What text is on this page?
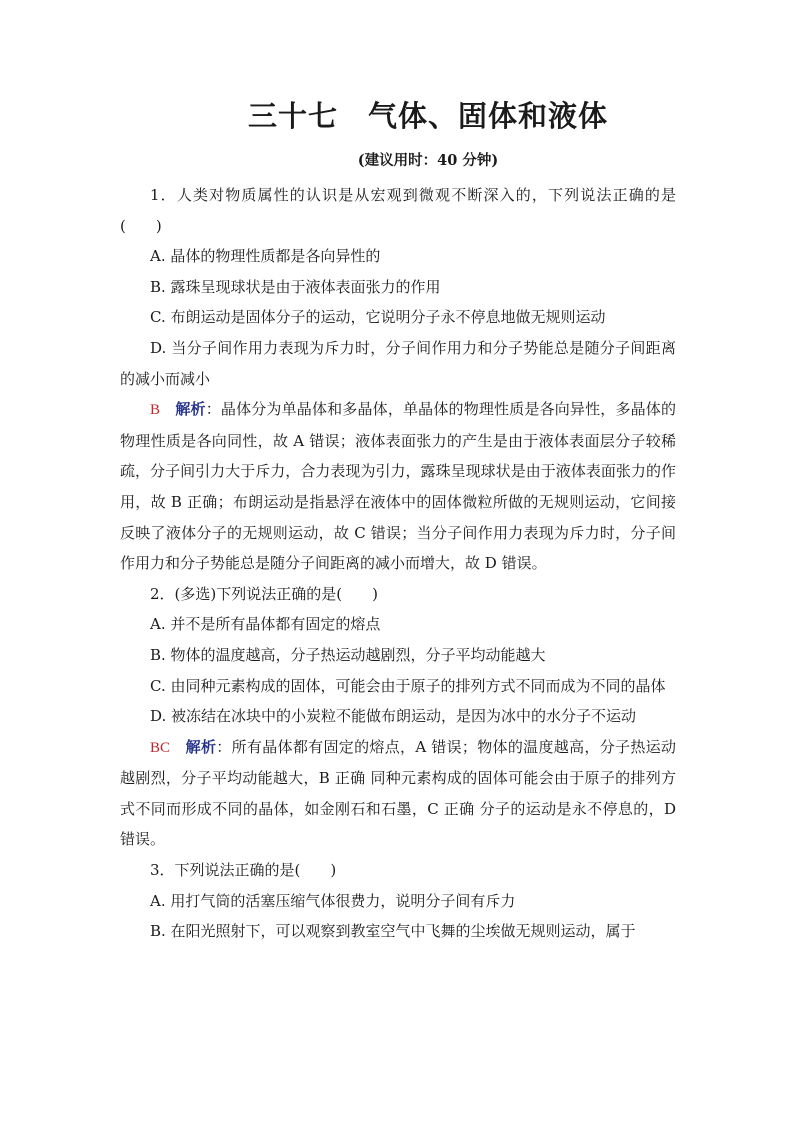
三十七　气体、固体和液体
(建议用时：40 分钟)

1．人类对物质属性的认识是从宏观到微观不断深入的，下列说法正确的是(　　)

A. 晶体的物理性质都是各向异性的

B. 露珠呈现球状是由于液体表面张力的作用

C. 布朗运动是固体分子的运动，它说明分子永不停息地做无规则运动

D. 当分子间作用力表现为斥力时，分子间作用力和分子势能总是随分子间距离的减小而减小

B　 解析：晶体分为单晶体和多晶体，单晶体的物理性质是各向异性，多晶体的物理性质是各向同性，故 A 错误；液体表面张力的产生是由于液体表面层分子较稀疏，分子间引力大于斥力，合力表现为引力，露珠呈现球状是由于液体表面张力的作用，故 B 正确；布朗运动是指悬浮在液体中的固体微粒所做的无规则运动，它间接反映了液体分子的无规则运动，故 C 错误；当分子间作用力表现为斥力时，分子间作用力和分子势能总是随分子间距离的减小而增大，故 D 错误。

2．(多选)下列说法正确的是(　　)

A. 并不是所有晶体都有固定的熔点

B. 物体的温度越高，分子热运动越剧烈，分子平均动能越大

C. 由同种元素构成的固体，可能会由于原子的排列方式不同而成为不同的晶体

D. 被冻结在冰块中的小炭粒不能做布朗运动，是因为冰中的水分子不运动

BC　 解析：所有晶体都有固定的熔点，A 错误；物体的温度越高，分子热运动越剧烈，分子平均动能越大，B 正确 同种元素构成的固体可能会由于原子的排列方式不同而形成不同的晶体，如金刚石和石墨，C 正确 分子的运动是永不停息的，D 错误。

3．下列说法正确的是(　　)

A. 用打气筒的活塞压缩气体很费力，说明分子间有斥力

B. 在阳光照射下，可以观察到教室空气中飞舞的尘埃做无规则运动，属于
